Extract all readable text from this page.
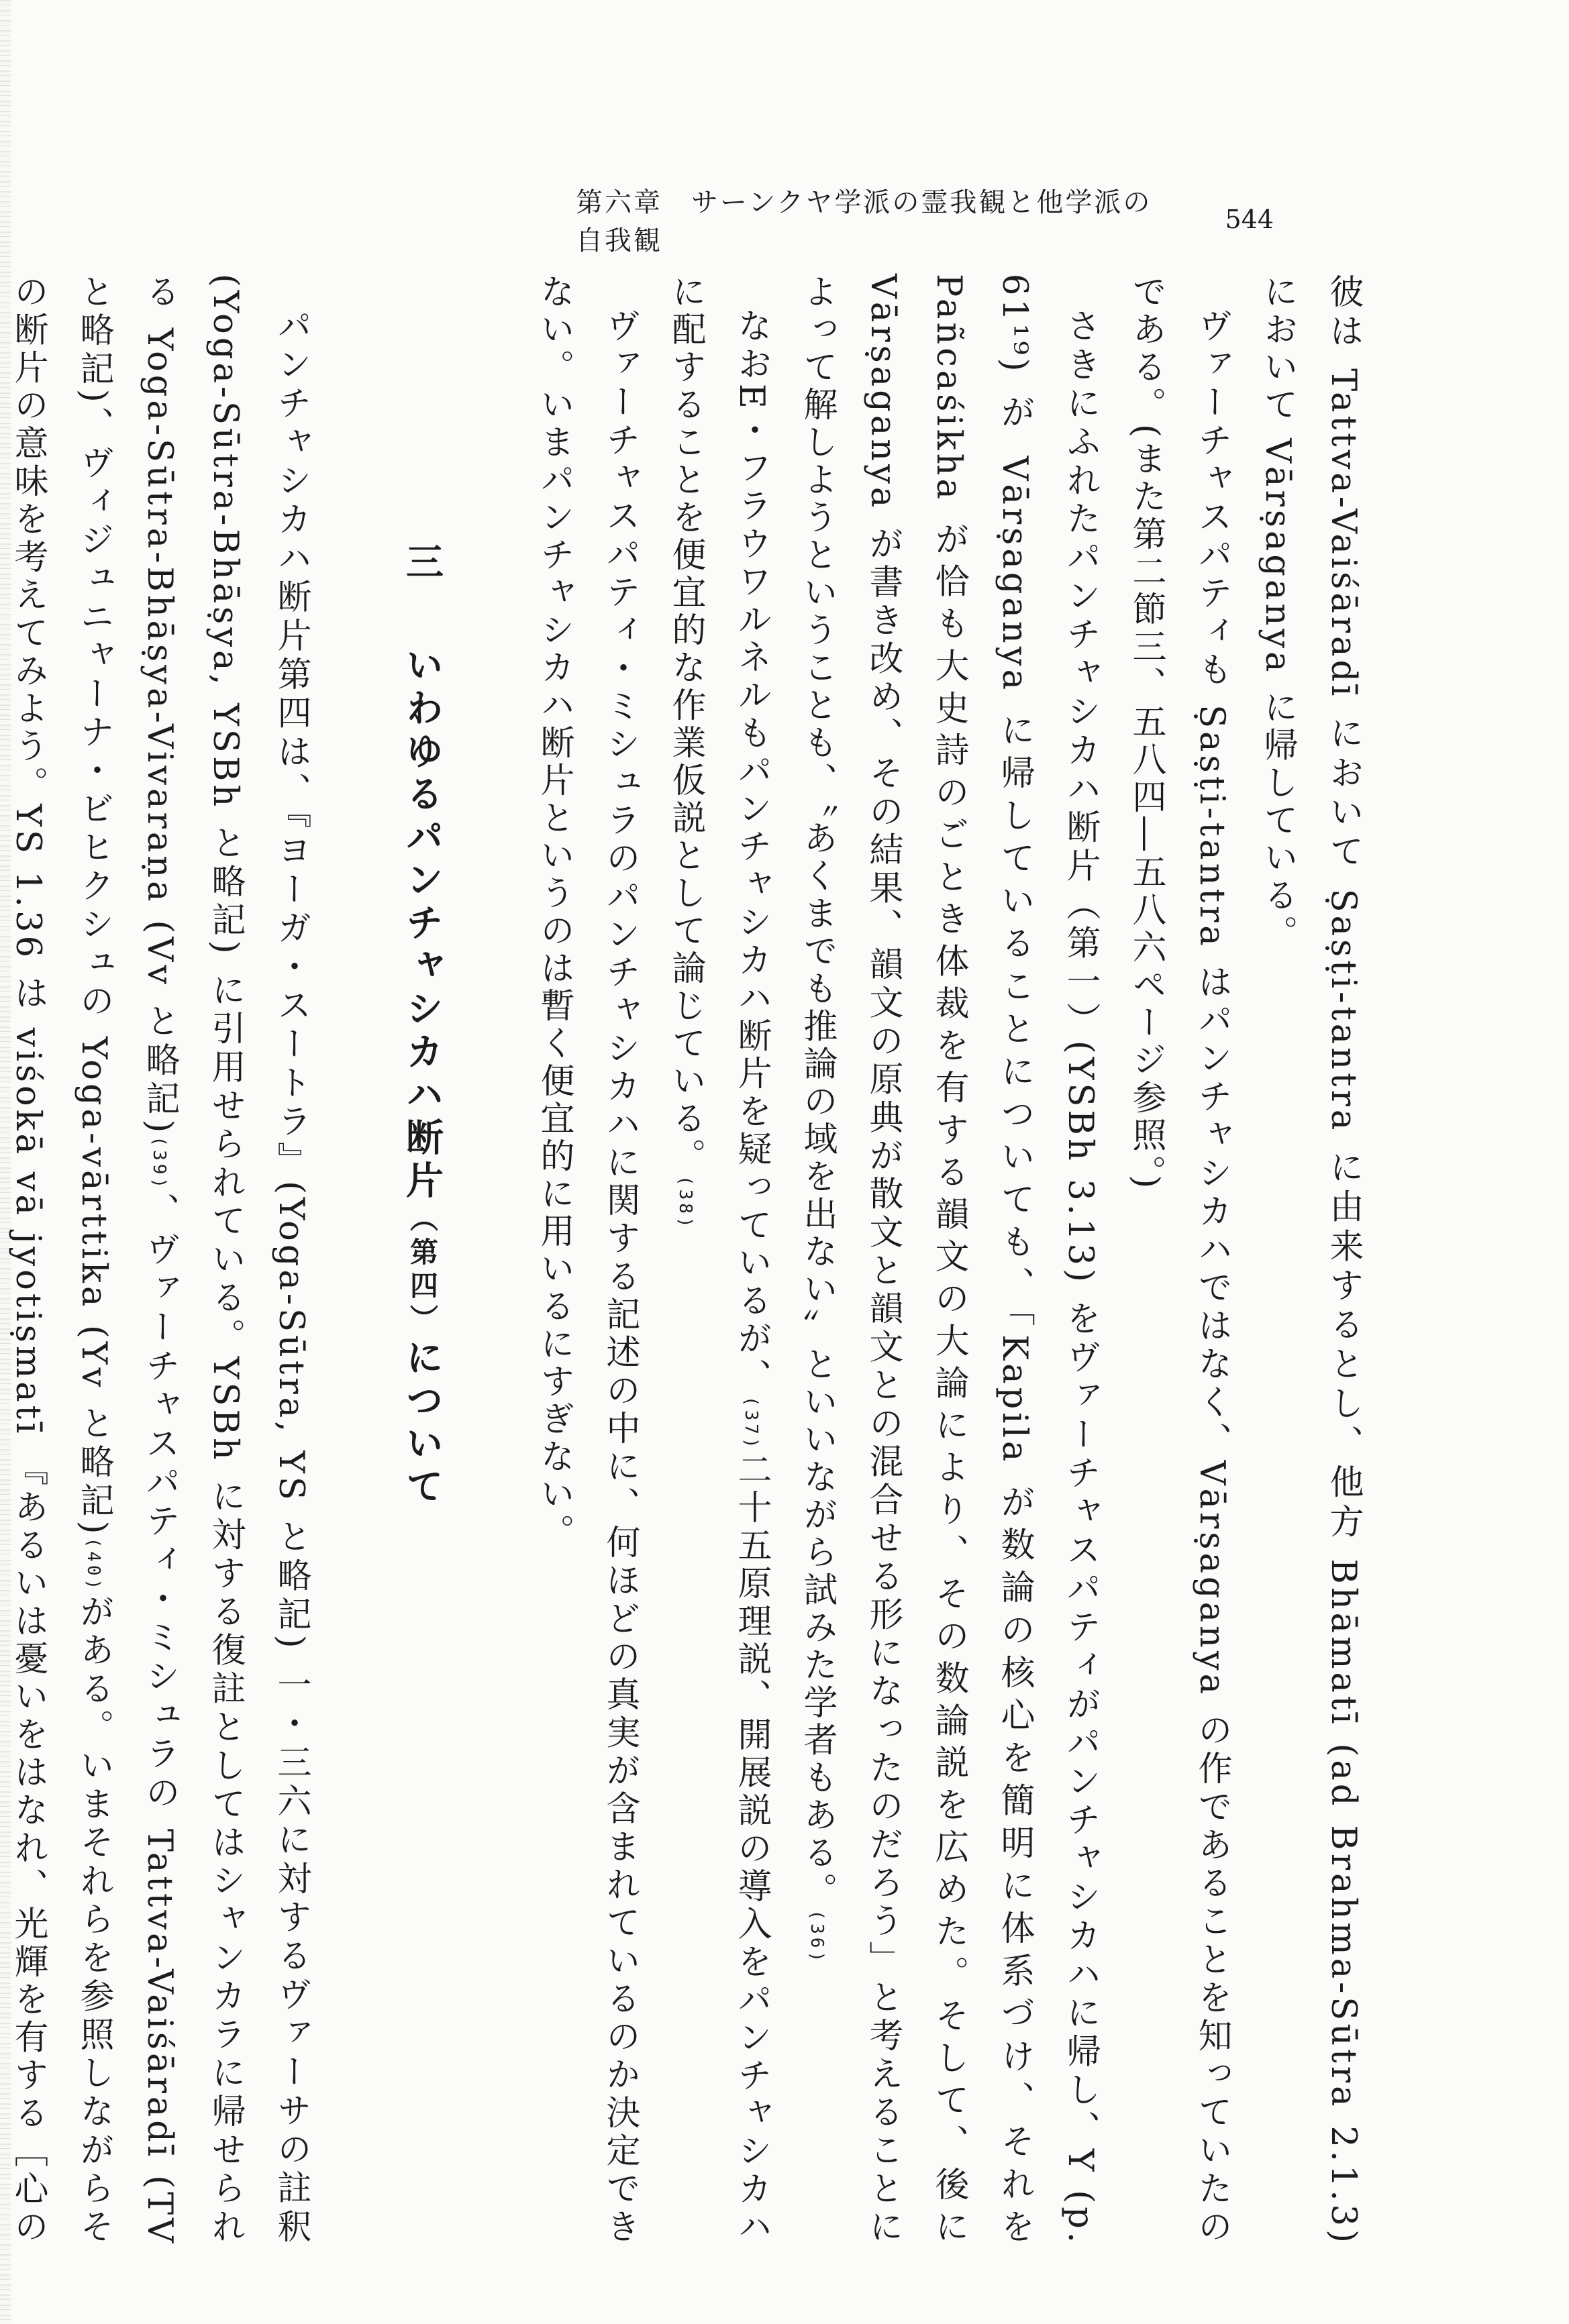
第六章　サーンクヤ学派の霊我観と他学派の自我観
544

彼は Tattva-Vaiśāradī において Ṣaṣṭi-tantra に由来するとし、他方 Bhāmatī (ad Brahma-Sūtra 2.1.3) において Vārṣaganya に帰している。

ヴァーチャスパティも Ṣaṣṭi-tantra はパンチャシカハではなく、Vārṣaganya の作であることを知っていたのである。(また第二節三、五八四―五八六ページ参照。)

さきにふれたパンチャシカハ断片（第一）(YSBh 3.13) をヴァーチャスパティがパンチャシカハに帰し、Y (p. 61¹⁹) が Vārṣaganya に帰していることについても、「Kapila が数論の核心を簡明に体系づけ、それを Pañcaśikha が恰も大史詩のごとき体裁を有する韻文の大論により、その数論説を広めた。そして、後に Vārṣaganya が書き改め、その結果、韻文の原典が散文と韻文との混合せる形になったのだろう」と考えることによって解しようということも、〝あくまでも推論の域を出ない〟といいながら試みた学者もある。(36)

なおE・フラウワルネルもパンチャシカハ断片を疑っているが、(37)二十五原理説、開展説の導入をパンチャシカハに配することを便宜的な作業仮説として論じている。(38)

ヴァーチャスパティ・ミシュラのパンチャシカハに関する記述の中に、何ほどの真実が含まれているのか決定できない。いまパンチャシカハ断片というのは暫く便宜的に用いるにすぎない。

三いわゆるパンチャシカハ断片（第四）について

パンチャシカハ断片第四は、『ヨーガ・スートラ』(Yoga-Sūtra, YS と略記) 一・三六に対するヴァーサの註釈 (Yoga-Sūtra-Bhāṣya, YSBh と略記) に引用せられている。YSBh に対する復註としてはシャンカラに帰せられる Yoga-Sūtra-Bhāṣya-Vivaraṇa (Vv と略記)(39)、ヴァーチャスパティ・ミシュラの Tattva-Vaiśāradī (TV と略記)、ヴィジュニャーナ・ビヒクシュの Yoga-vārttika (Yv と略記)(40)がある。いまそれらを参照しながらその断片の意味を考えてみよう。YS 1.36 は viśokā vā jyotiṣmatī 『あるいは憂いをはなれ、光輝を有する［心の
